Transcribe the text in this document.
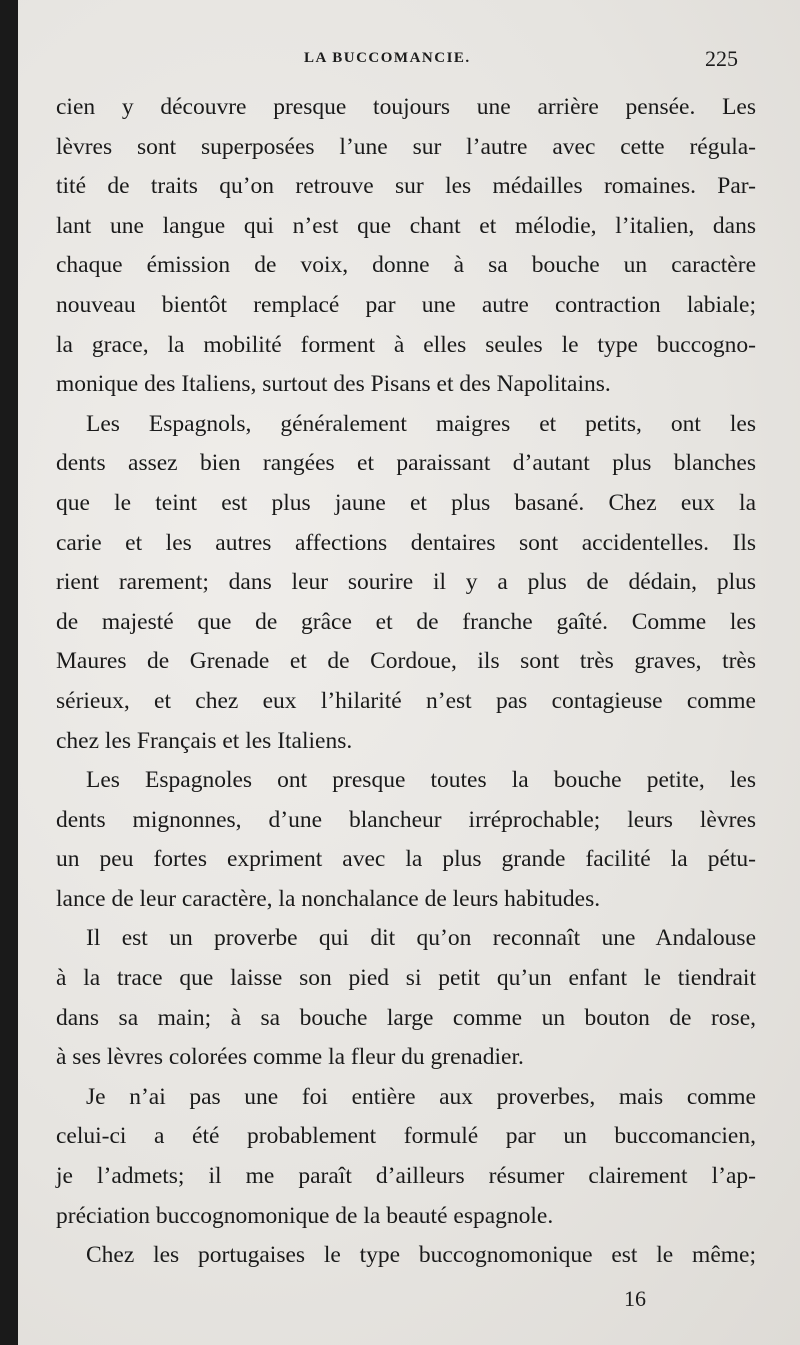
LA BUCCOMANCIE.	225
cien y découvre presque toujours une arrière pensée. Les
lèvres sont superposées l’une sur l’autre avec cette régula-
tité de traits qu’on retrouve sur les médailles romaines. Par-
lant une langue qui n’est que chant et mélodie, l’italien, dans
chaque émission de voix, donne à sa bouche un caractère
nouveau bientôt remplacé par une autre contraction labiale;
la grace, la mobilité forment à elles seules le type buccogno-
monique des Italiens, surtout des Pisans et des Napolitains.
Les Espagnols, généralement maigres et petits, ont les
dents assez bien rangées et paraissant d’autant plus blanches
que le teint est plus jaune et plus basané. Chez eux la
carie et les autres affections dentaires sont accidentelles. Ils
rient rarement; dans leur sourire il y a plus de dédain, plus
de majesté que de grâce et de franche gaîté. Comme les
Maures de Grenade et de Cordoue, ils sont très graves, très
sérieux, et chez eux l’hilarité n’est pas contagieuse comme
chez les Français et les Italiens.
Les Espagnoles ont presque toutes la bouche petite, les
dents mignonnes, d’une blancheur irréprochable; leurs lèvres
un peu fortes expriment avec la plus grande facilité la pétu-
lance de leur caractère, la nonchalance de leurs habitudes.
Il est un proverbe qui dit qu’on reconnaît une Andalouse
à la trace que laisse son pied si petit qu’un enfant le tiendrait
dans sa main; à sa bouche large comme un bouton de rose,
à ses lèvres colorées comme la fleur du grenadier.
Je n’ai pas une foi entière aux proverbes, mais comme
celui-ci a été probablement formulé par un buccomancien,
je l’admets; il me paraît d’ailleurs résumer clairement l’ap-
préciation buccognomonique de la beauté espagnole.
Chez les portugaises le type buccognomonique est le même;
16
